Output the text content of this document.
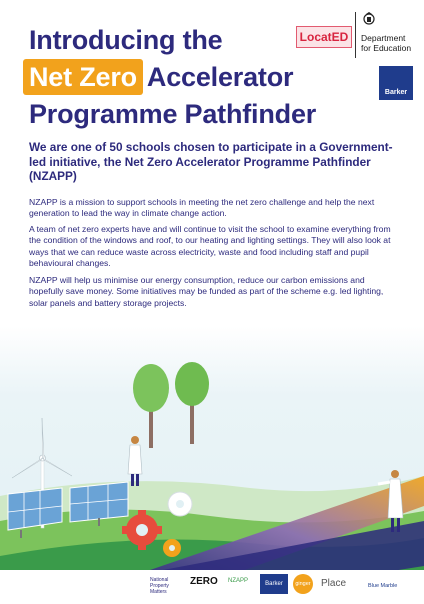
Introducing the
Net Zero Accelerator
Programme Pathfinder
LocatED	Department
for Education
Barker
We are one of 50 schools chosen to participate in a Government-led initiative, the Net Zero Accelerator Programme Pathfinder (NZAPP)

NZAPP is a mission to support schools in meeting the net zero challenge and help the next generation to lead the way in climate change action.

A team of net zero experts have and will continue to visit the school to examine everything from the condition of the windows and roof, to our heating and lighting settings. They will also look at ways that we can reduce waste across electricity, waste and food including staff and pupil behavioural changes.

NZAPP will help us minimise our energy consumption, reduce our carbon emissions and hopefully save money. Some initiatives may be funded as part of the scheme e.g. led lighting, solar panels and battery storage projects.

National Property Matters
ZERO NZAPP	Barker	ginger Place	Blue Marble
